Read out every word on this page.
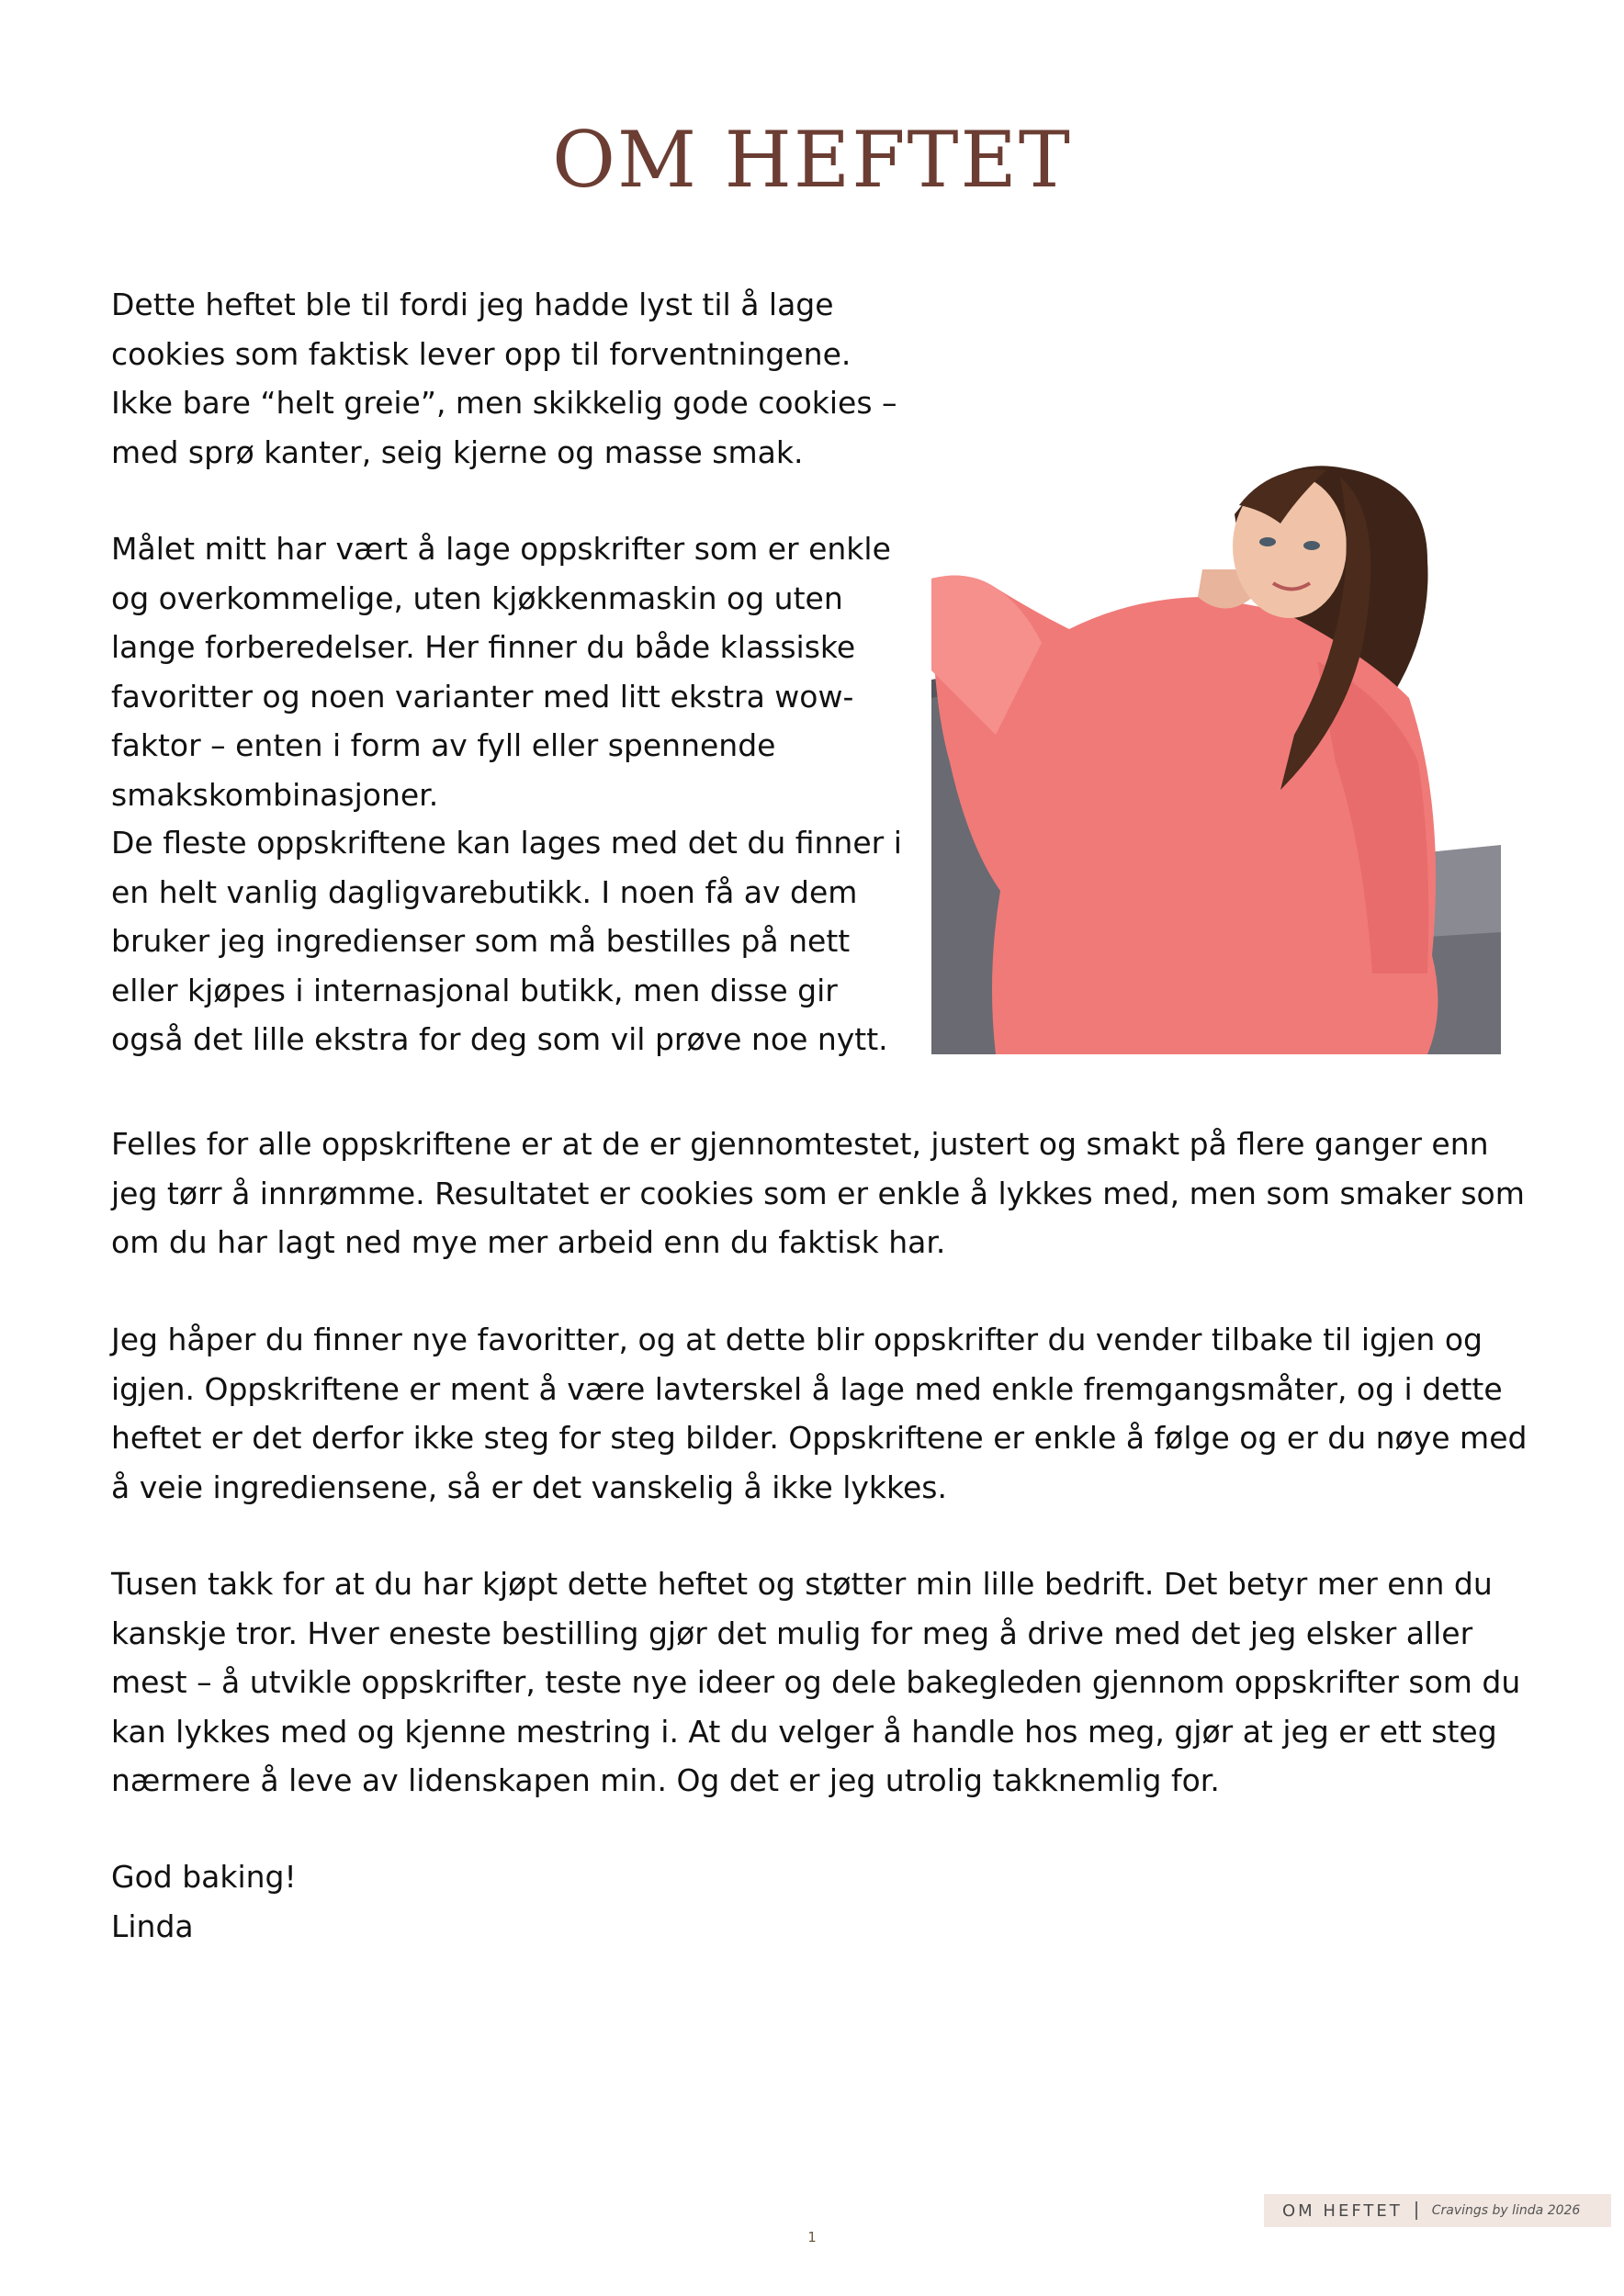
OM HEFTET

Dette heftet ble til fordi jeg hadde lyst til å lage cookies som faktisk lever opp til forventningene. Ikke bare “helt greie”, men skikkelig gode cookies – med sprø kanter, seig kjerne og masse smak.

Målet mitt har vært å lage oppskrifter som er enkle og overkommelige, uten kjøkkenmaskin og uten lange forberedelser. Her finner du både klassiske favoritter og noen varianter med litt ekstra wow-faktor – enten i form av fyll eller spennende smakskombinasjoner.

De fleste oppskriftene kan lages med det du finner i en helt vanlig dagligvarebutikk. I noen få av dem bruker jeg ingredienser som må bestilles på nett eller kjøpes i internasjonal butikk, men disse gir også det lille ekstra for deg som vil prøve noe nytt.

Felles for alle oppskriftene er at de er gjennomtestet, justert og smakt på flere ganger enn jeg tørr å innrømme. Resultatet er cookies som er enkle å lykkes med, men som smaker som om du har lagt ned mye mer arbeid enn du faktisk har.

Jeg håper du finner nye favoritter, og at dette blir oppskrifter du vender tilbake til igjen og igjen. Oppskriftene er ment å være lavterskel å lage med enkle fremgangsmåter, og i dette heftet er det derfor ikke steg for steg bilder. Oppskriftene er enkle å følge og er du nøye med å veie ingrediensene, så er det vanskelig å ikke lykkes.

Tusen takk for at du har kjøpt dette heftet og støtter min lille bedrift. Det betyr mer enn du kanskje tror. Hver eneste bestilling gjør det mulig for meg å drive med det jeg elsker aller mest – å utvikle oppskrifter, teste nye ideer og dele bakegleden gjennom oppskrifter som du kan lykkes med og kjenne mestring i. At du velger å handle hos meg, gjør at jeg er ett steg nærmere å leve av lidenskapen min. Og det er jeg utrolig takknemlig for.

God baking!
Linda

OM HEFTET Cravings by linda 2026
1
